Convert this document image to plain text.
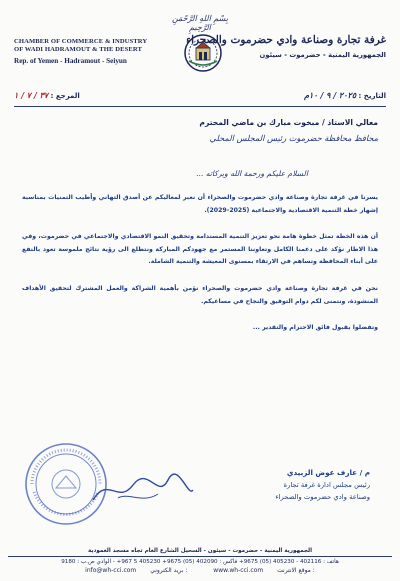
بِسْمِ اللهِ الرَّحْمَنِ الرَّحِيمِ
CHAMBER OF COMMERCE & INDUSTRY
OF WADI HADRAMOUT & THE DESERT
Rep. of Yemen - Hadramout - Seiyun
غرفة تجارة وصناعة وادي حضرموت والصحراء
الجمهورية اليمنية - حضرموت - سيئون
المرجع : ٣٧ / ٧ / ١	التاريخ : ٢٠٢٥ / ٩ / ١٠م
معالي الاستاذ / مبخوت مبارك بن ماضي المحترم
محافظ محافظة حضرموت رئيس المجلس المحلي
السلام عليكم ورحمة الله وبركاته ...
يسرنا في غرفة تجارة وصناعة وادي حضرموت والصحراء أن نعبر لمعاليكم عن أصدق التهاني وأطيب التمنيات بمناسبة إشهار خطة التنمية الاقتصادية والاجتماعية (2025-2029).
أن هذه الخطة تمثل خطوة هامة نحو تعزيز التنمية المستدامة وتحقيق النمو الاقتصادي والاجتماعي في حضرموت، وفي هذا الاطار نؤكد على دعمنا الكامل وتعاوننا المستمر مع جهودكم المباركة ونتطلع الى رؤية نتائج ملموسة تعود بالنفع على أبناء المحافظة وتساهم في الارتقاء بمستوى المعيشة والتنمية الشاملة.
نحن في غرفة تجارة وصناعة وادي حضرموت والصحراء نؤمن بأهمية الشراكة والعمل المشترك لتحقيق الأهداف المنشودة، ونتمنى لكم دوام التوفيق والنجاح في مساعيكم.
وتفضلوا بقبول فائق الاحترام والتقدير ...
م / عارف عوض الزبيدي
رئيس مجلس ادارة غرفة تجارة
وصناعة وادي حضرموت والصحراء
الجمهورية اليمنية - حضرموت - سيئون - السحيل الشارع العام تجاه مسجد العمودية
هاتف : 402116 - 405230 (05) 9675+ فاكس : 402090 (05) 9675+ 405230 5 967+ - الوادي ص.ب : 9180
info@wh-cci.com بريد الكتروني :	www.wh-cci.com موقع الانترنت :
